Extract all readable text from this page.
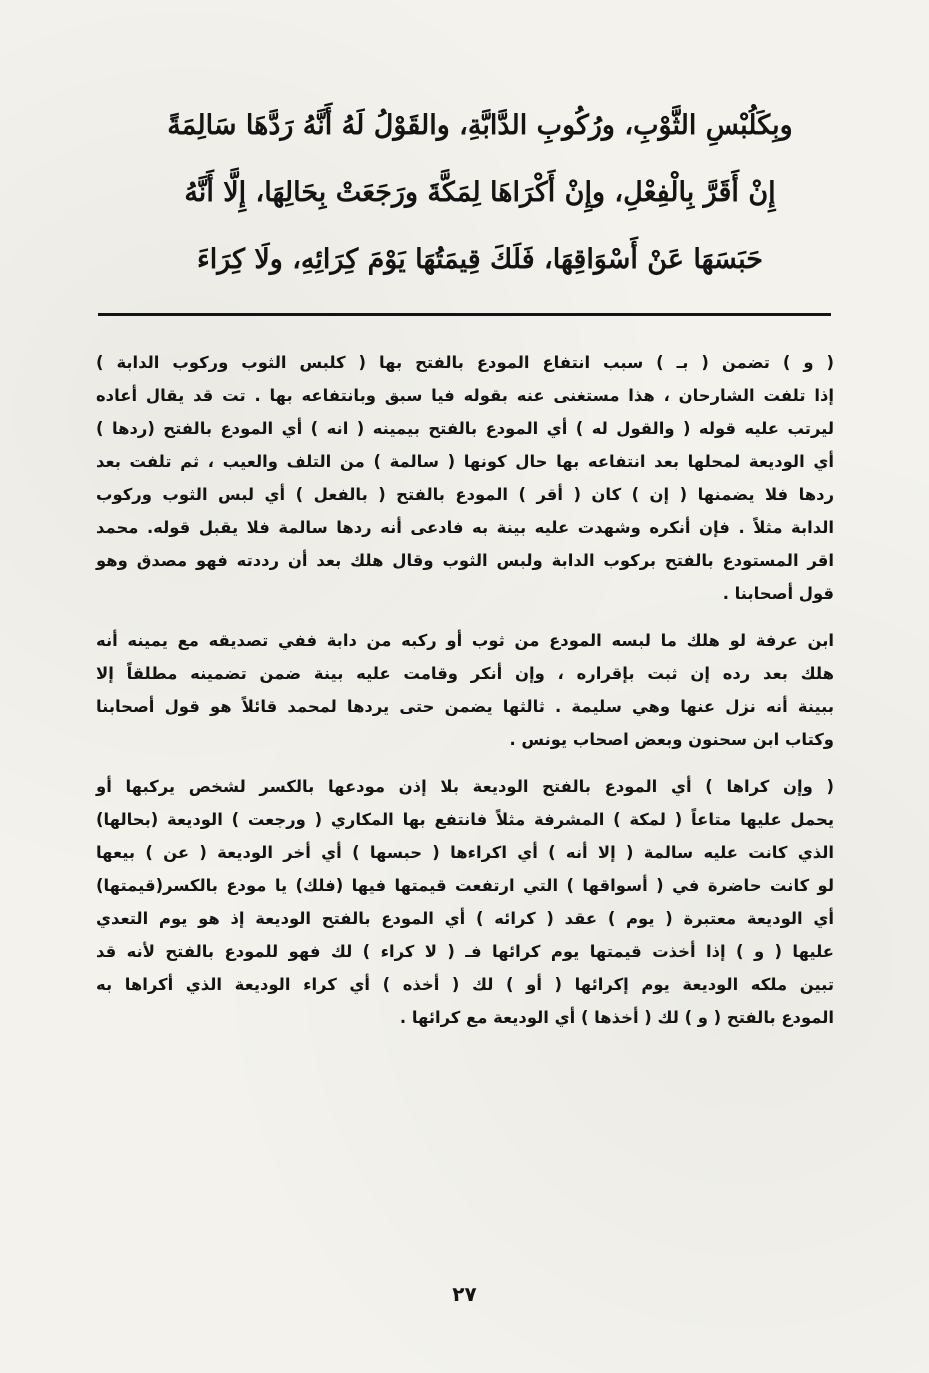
وبِكَلُبْسِ الثَّوْبِ، ورُكُوبِ الدَّابَّةِ، والقَوْلُ لَهُ أَنَّهُ رَدَّهَا سَالِمَةً
إِنْ أَقَرَّ بِالْفِعْلِ، وإِنْ أَكْرَاهَا لِمَكَّةَ ورَجَعَتْ بِحَالِهَا، إِلَّا أَنَّهُ
حَبَسَهَا عَنْ أَسْوَاقِهَا، فَلَكَ قِيمَتُهَا يَوْمَ كِرَائِهِ، ولَا كِرَاءَ
( و ) تضمن ( بـ ) سبب انتفاع المودع بالفتح بها ( كلبس الثوب وركوب الدابة )
إذا تلفت الشارحان ، هذا مستغنى عنه بقوله فيا سبق وبانتفاعه بها . تت قد يقال أعاده
ليرتب عليه قوله ( والقول له ) أي المودع بالفتح بيمينه ( انه ) أي المودع بالفتح (ردها )
أي الوديعة لمحلها بعد انتفاعه بها حال كونها ( سالمة ) من التلف والعيب ، ثم تلفت بعد
ردها فلا يضمنها ( إن ) كان ( أقر ) المودع بالفتح ( بالفعل ) أي لبس الثوب وركوب
الدابة مثلاً . فإن أنكره وشهدت عليه بينة به فادعى أنه ردها سالمة فلا يقبل قوله. محمد
اقر المستودع بالفتح بركوب الدابة ولبس الثوب وقال هلك بعد أن رددته فهو مصدق وهو
قول أصحابنا .
ابن عرفة لو هلك ما لبسه المودع من ثوب أو ركبه من دابة ففي تصديقه مع يمينه أنه
هلك بعد رده إن ثبت بإقراره ، وإن أنكر وقامت عليه بينة ضمن تضمينه مطلقاً إلا
ببينة أنه نزل عنها وهي سليمة . ثالثها يضمن حتى يردها لمحمد قائلاً هو قول أصحابنا
وكتاب ابن سحنون وبعض اصحاب يونس .
( وإن كراها ) أي المودع بالفتح الوديعة بلا إذن مودعها بالكسر لشخص يركبها أو
يحمل عليها متاعاً ( لمكة ) المشرفة مثلاً فانتفع بها المكاري ( ورجعت ) الوديعة (بحالها)
الذي كانت عليه سالمة ( إلا أنه ) أي اكراءها ( حبسها ) أي أخر الوديعة ( عن ) بيعها
لو كانت حاضرة في ( أسواقها ) التي ارتفعت قيمتها فيها (فلك) يا مودع بالكسر(قيمتها)
أي الوديعة معتبرة ( يوم ) عقد ( كرائه ) أي المودع بالفتح الوديعة إذ هو يوم التعدي
عليها ( و ) إذا أخذت قيمتها يوم كرائها فـ ( لا كراء ) لك فهو للمودع بالفتح لأنه قد
تبين ملكه الوديعة يوم إكرائها ( أو ) لك ( أخذه ) أي كراء الوديعة الذي أكراها به
المودع بالفتح ( و ) لك ( أخذها ) أي الوديعة مع كرائها .
٢٧
